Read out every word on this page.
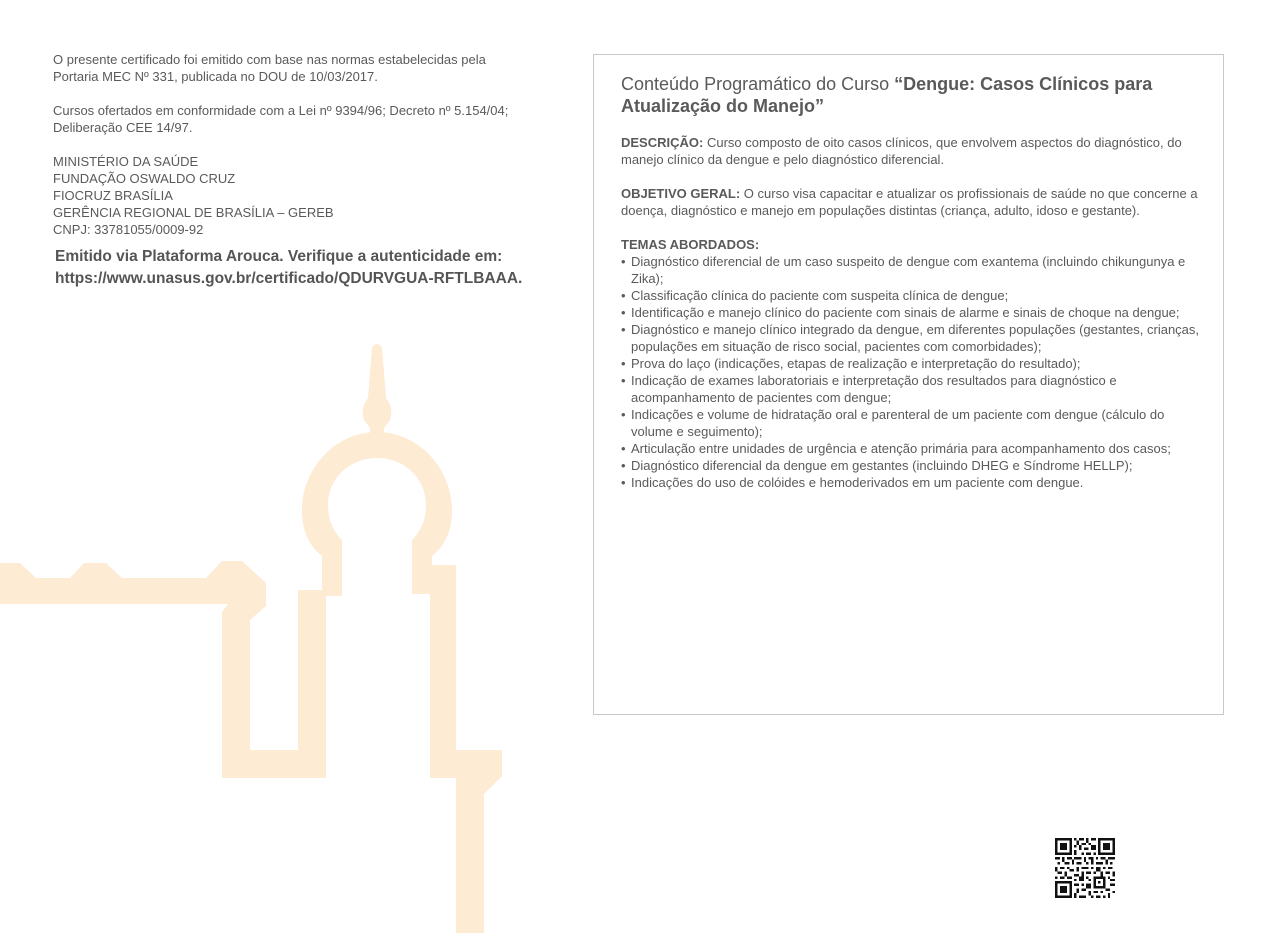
O presente certificado foi emitido com base nas normas estabelecidas pela
Portaria MEC Nº 331, publicada no DOU de 10/03/2017.

Cursos ofertados em conformidade com a Lei nº 9394/96; Decreto nº 5.154/04;
Deliberação CEE 14/97.

MINISTÉRIO DA SAÚDE
FUNDAÇÃO OSWALDO CRUZ
FIOCRUZ BRASÍLIA
GERÊNCIA REGIONAL DE BRASÍLIA – GEREB
CNPJ: 33781055/0009-92

Emitido via Plataforma Arouca. Verifique a autenticidade em:
https://www.unasus.gov.br/certificado/QDURVGUA-RFTLBAAA.
Conteúdo Programático do Curso “Dengue: Casos Clínicos para Atualização do Manejo”

DESCRIÇÃO: Curso composto de oito casos clínicos, que envolvem aspectos do diagnóstico, do manejo clínico da dengue e pelo diagnóstico diferencial.

OBJETIVO GERAL: O curso visa capacitar e atualizar os profissionais de saúde no que concerne a doença, diagnóstico e manejo em populações distintas (criança, adulto, idoso e gestante).

TEMAS ABORDADOS:
• Diagnóstico diferencial de um caso suspeito de dengue com exantema (incluindo chikungunya e Zika);
• Classificação clínica do paciente com suspeita clínica de dengue;
• Identificação e manejo clínico do paciente com sinais de alarme e sinais de choque na dengue;
• Diagnóstico e manejo clínico integrado da dengue, em diferentes populações (gestantes, crianças, populações em situação de risco social, pacientes com comorbidades);
• Prova do laço (indicações, etapas de realização e interpretação do resultado);
• Indicação de exames laboratoriais e interpretação dos resultados para diagnóstico e acompanhamento de pacientes com dengue;
• Indicações e volume de hidratação oral e parenteral de um paciente com dengue (cálculo do volume e seguimento);
• Articulação entre unidades de urgência e atenção primária para acompanhamento dos casos;
• Diagnóstico diferencial da dengue em gestantes (incluindo DHEG e Síndrome HELLP);
• Indicações do uso de colóides e hemoderivados em um paciente com dengue.
